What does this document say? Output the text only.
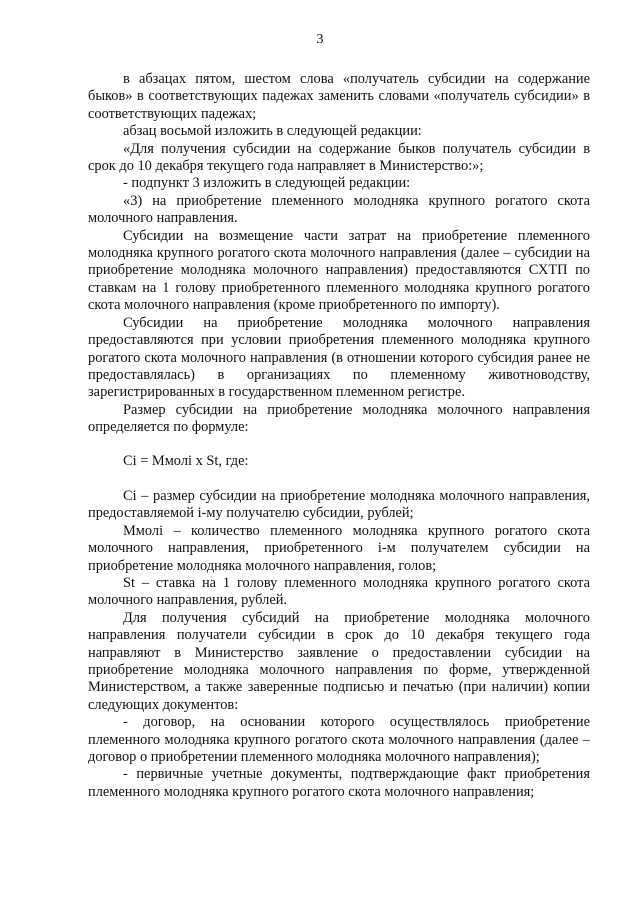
3

в абзацах пятом, шестом слова «получатель субсидии на содержание быков» в соответствующих падежах заменить словами «получатель субсидии» в соответствующих падежах;

абзац восьмой изложить в следующей редакции:

«Для получения субсидии на содержание быков получатель субсидии в срок до 10 декабря текущего года направляет в Министерство:»;

- подпункт 3 изложить в следующей редакции:

«3) на приобретение племенного молодняка крупного рогатого скота молочного направления.

Субсидии на возмещение части затрат на приобретение племенного молодняка крупного рогатого скота молочного направления (далее – субсидии на приобретение молодняка молочного направления) предоставляются СХТП по ставкам на 1 голову приобретенного племенного молодняка крупного рогатого скота молочного направления (кроме приобретенного по импорту).

Субсидии на приобретение молодняка молочного направления предоставляются при условии приобретения племенного молодняка крупного рогатого скота молочного направления (в отношении которого субсидия ранее не предоставлялась) в организациях по племенному животноводству, зарегистрированных в государственном племенном регистре.

Размер субсидии на приобретение молодняка молочного направления определяется по формуле:

Ci = Mмолi x St, где:

Ci – размер субсидии на приобретение молодняка молочного направления, предоставляемой i-му получателю субсидии, рублей;

Ммолi – количество племенного молодняка крупного рогатого скота молочного направления, приобретенного i-м получателем субсидии на приобретение молодняка молочного направления, голов;

St – ставка на 1 голову племенного молодняка крупного рогатого скота молочного направления, рублей.

Для получения субсидий на приобретение молодняка молочного направления получатели субсидии в срок до 10 декабря текущего года направляют в Министерство заявление о предоставлении субсидии на приобретение молодняка молочного направления по форме, утвержденной Министерством, а также заверенные подписью и печатью (при наличии) копии следующих документов:

- договор, на основании которого осуществлялось приобретение племенного молодняка крупного рогатого скота молочного направления (далее – договор о приобретении племенного молодняка молочного направления);

- первичные учетные документы, подтверждающие факт приобретения племенного молодняка крупного рогатого скота молочного направления;
